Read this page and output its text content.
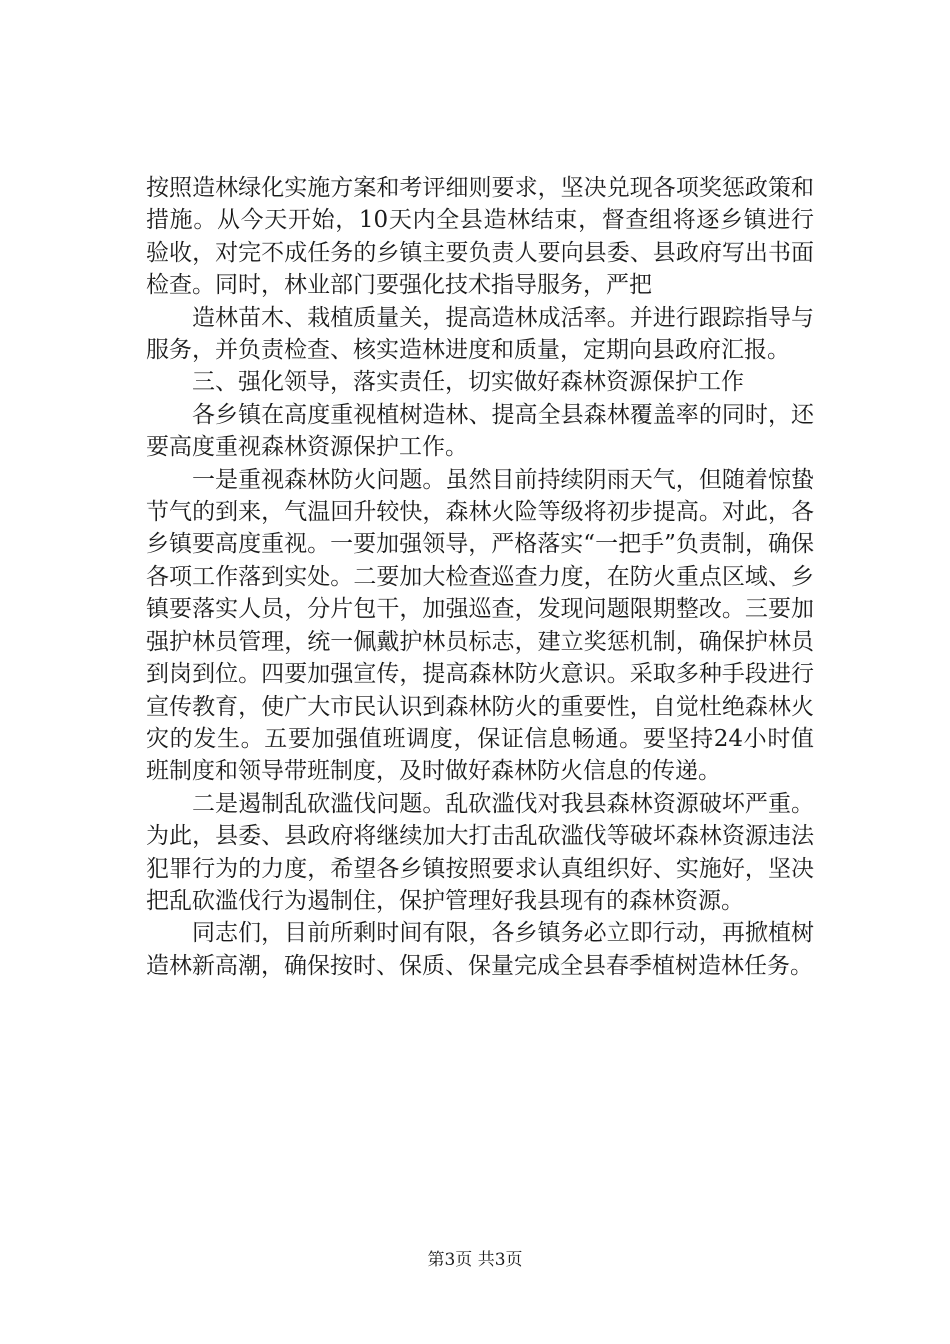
按照造林绿化实施方案和考评细则要求，坚决兑现各项奖惩政策和措施。从今天开始，10天内全县造林结束，督查组将逐乡镇进行验收，对完不成任务的乡镇主要负责人要向县委、县政府写出书面检查。同时，林业部门要强化技术指导服务，严把

造林苗木、栽植质量关，提高造林成活率。并进行跟踪指导与服务，并负责检查、核实造林进度和质量，定期向县政府汇报。

三、强化领导，落实责任，切实做好森林资源保护工作

各乡镇在高度重视植树造林、提高全县森林覆盖率的同时，还要高度重视森林资源保护工作。

一是重视森林防火问题。虽然目前持续阴雨天气，但随着惊蛰节气的到来，气温回升较快，森林火险等级将初步提高。对此，各乡镇要高度重视。一要加强领导，严格落实“一把手”负责制，确保各项工作落到实处。二要加大检查巡查力度，在防火重点区域、乡镇要落实人员，分片包干，加强巡查，发现问题限期整改。三要加强护林员管理，统一佩戴护林员标志，建立奖惩机制，确保护林员到岗到位。四要加强宣传，提高森林防火意识。采取多种手段进行宣传教育，使广大市民认识到森林防火的重要性，自觉杜绝森林火灾的发生。五要加强值班调度，保证信息畅通。要坚持24小时值班制度和领导带班制度，及时做好森林防火信息的传递。

二是遏制乱砍滥伐问题。乱砍滥伐对我县森林资源破坏严重。为此，县委、县政府将继续加大打击乱砍滥伐等破坏森林资源违法犯罪行为的力度，希望各乡镇按照要求认真组织好、实施好，坚决把乱砍滥伐行为遏制住，保护管理好我县现有的森林资源。

同志们，目前所剩时间有限，各乡镇务必立即行动，再掀植树造林新高潮，确保按时、保质、保量完成全县春季植树造林任务。

第3页 共3页
